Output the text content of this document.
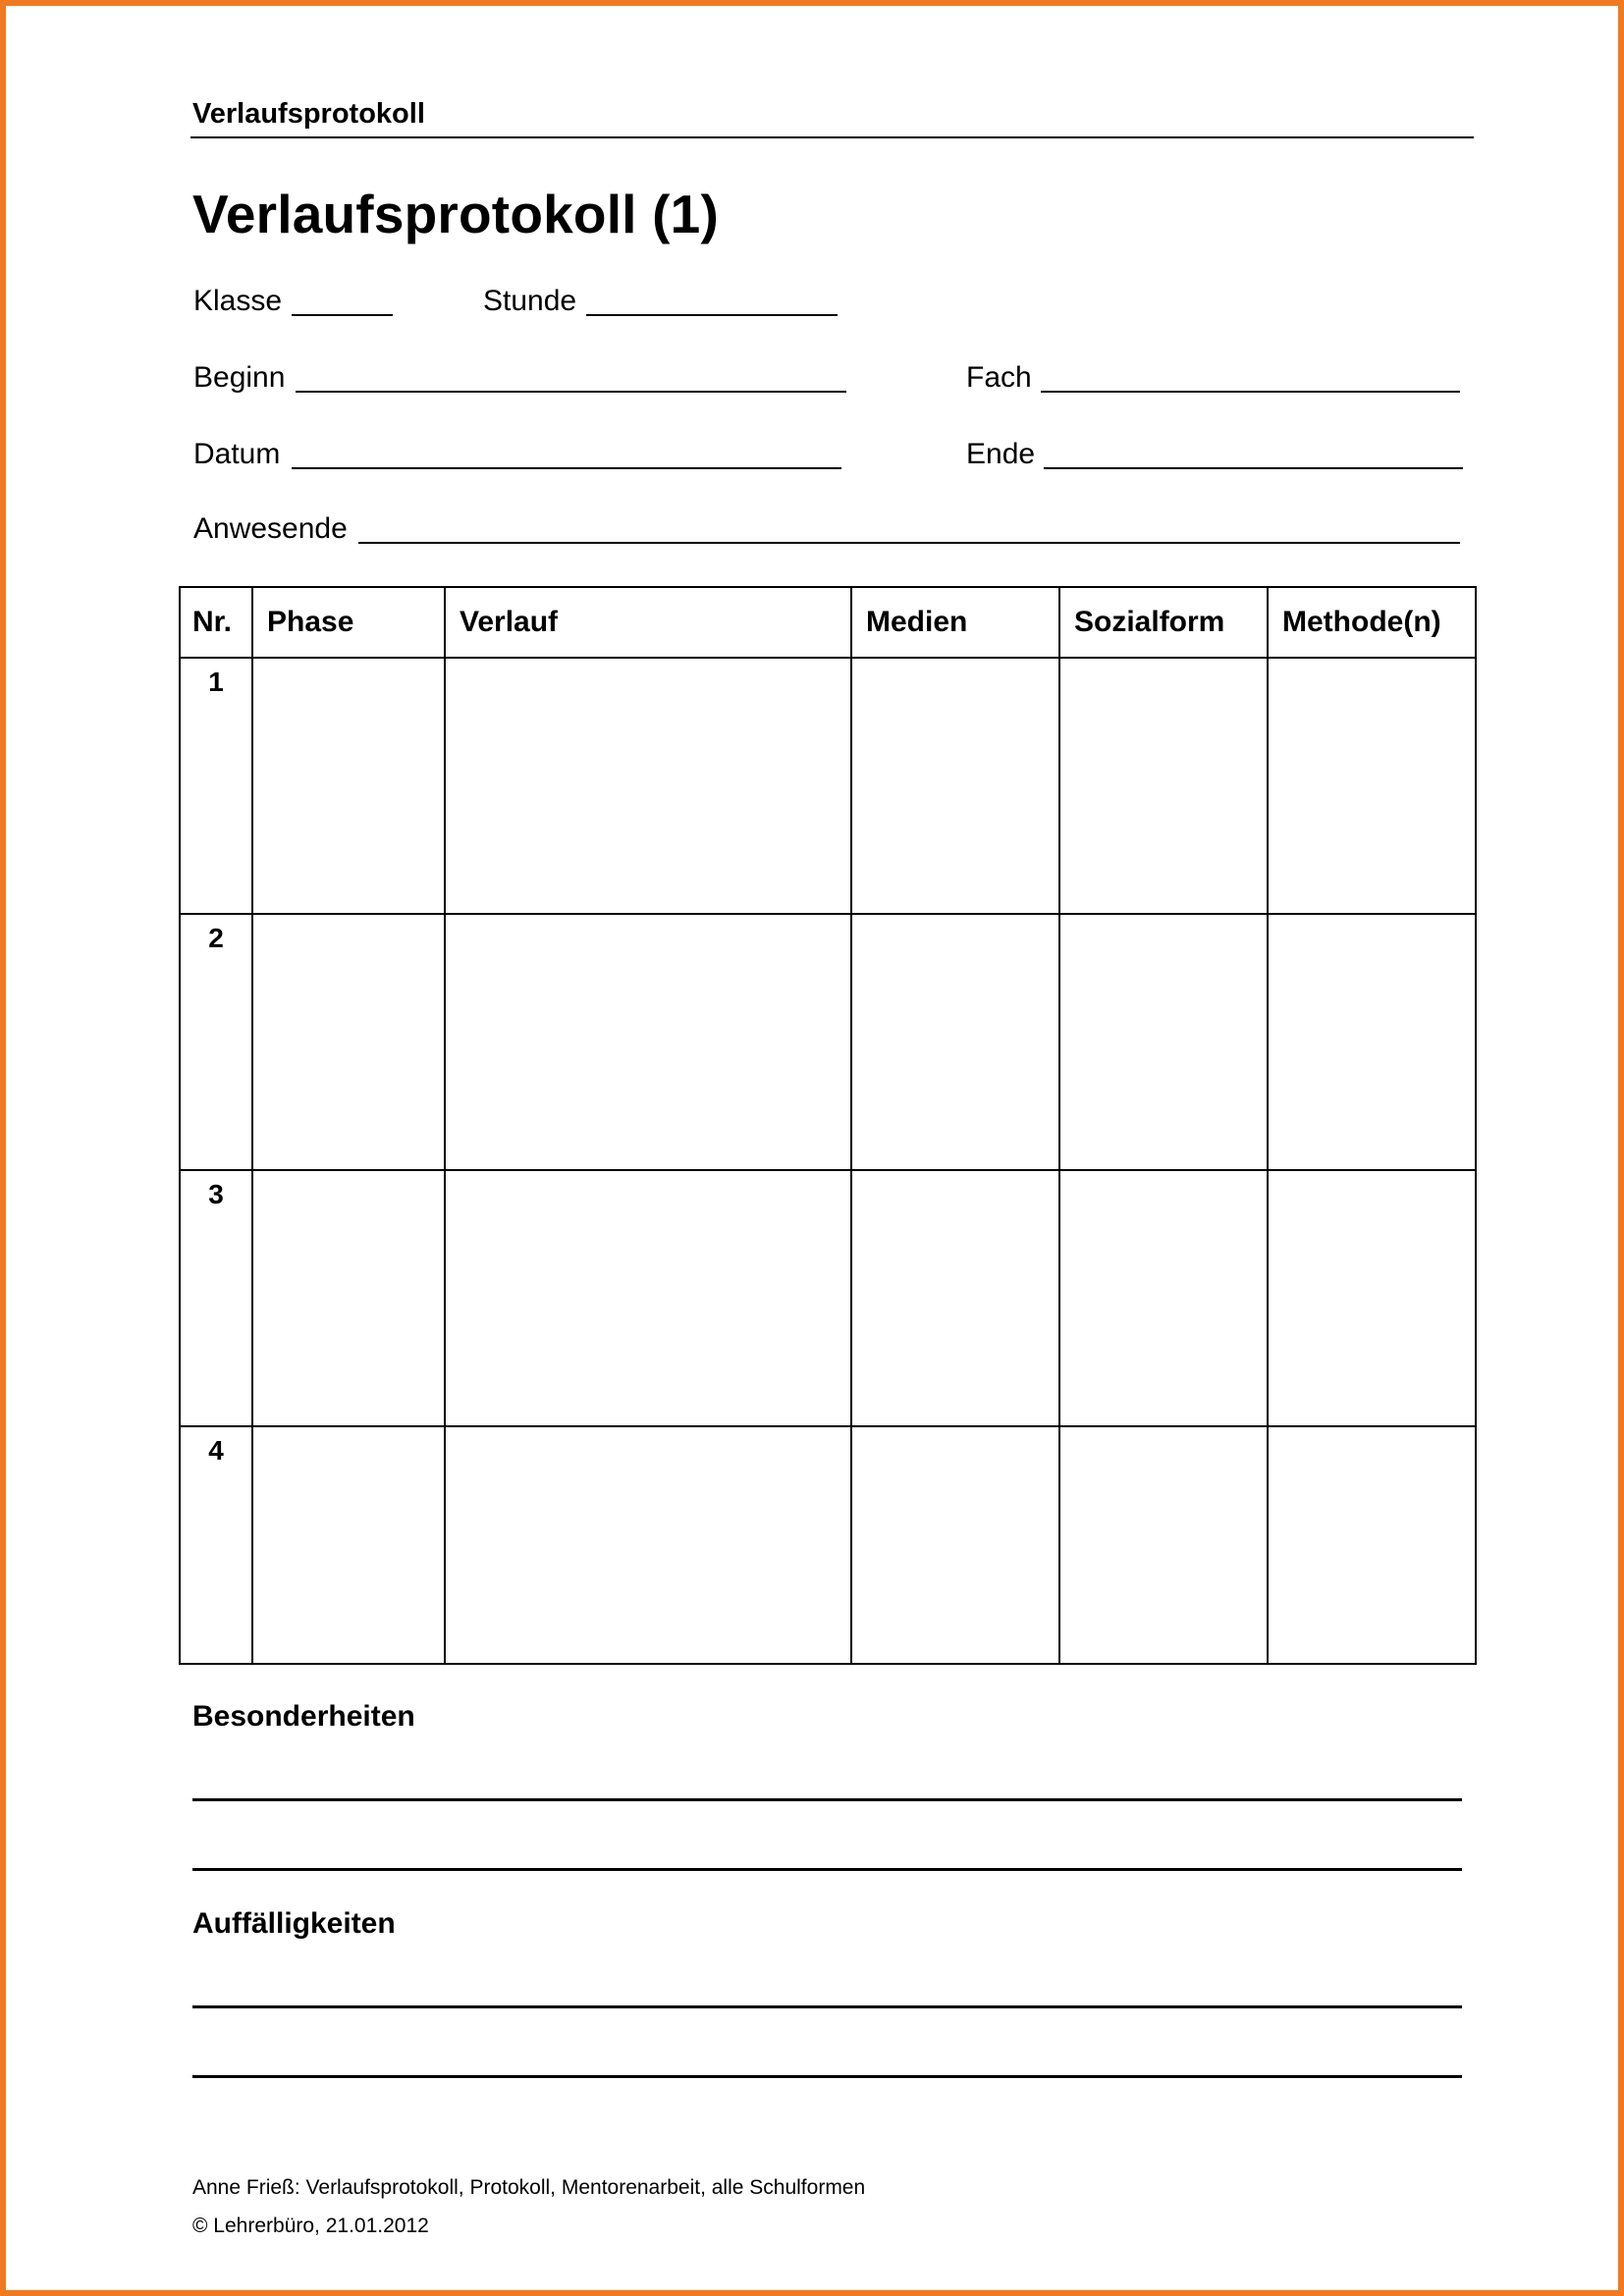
Verlaufsprotokoll
Verlaufsprotokoll (1)
Klasse	Stunde
Beginn	Fach
Datum	Ende
Anwesende
Nr.	Phase	Verlauf	Medien	Sozialform	Methode(n)
1					
2					
3					
4					
Besonderheiten
Auffälligkeiten
Anne Frieß: Verlaufsprotokoll, Protokoll, Mentorenarbeit, alle Schulformen
© Lehrerbüro, 21.01.2012
